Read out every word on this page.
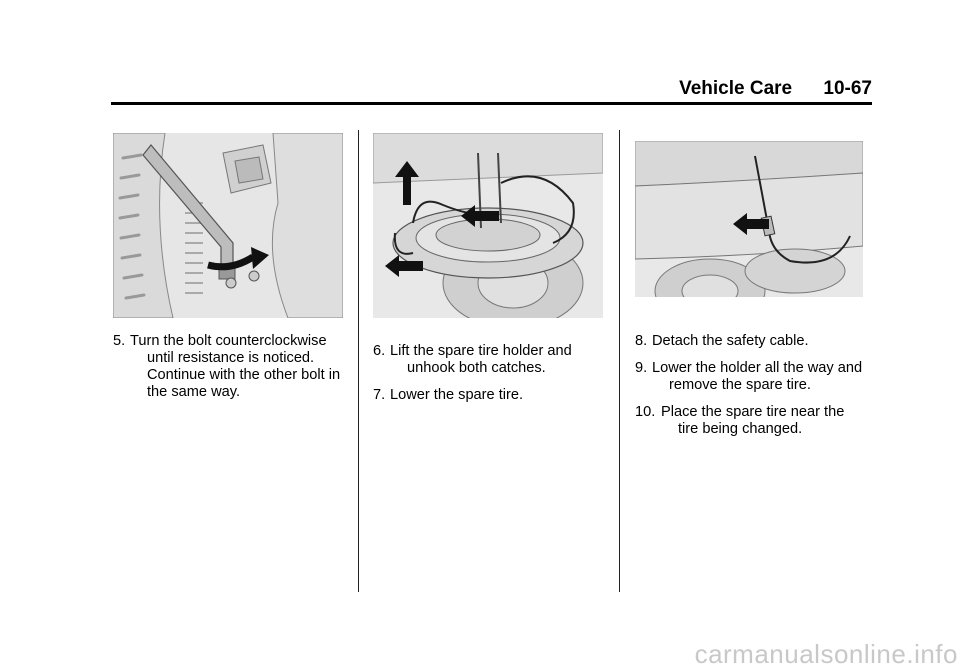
Vehicle Care 10-67
5. Turn the bolt counterclockwise until resistance is noticed. Continue with the other bolt in the same way.
6. Lift the spare tire holder and unhook both catches.
7. Lower the spare tire.
8. Detach the safety cable.
9. Lower the holder all the way and remove the spare tire.
10. Place the spare tire near the tire being changed.
carmanualsonline.info
